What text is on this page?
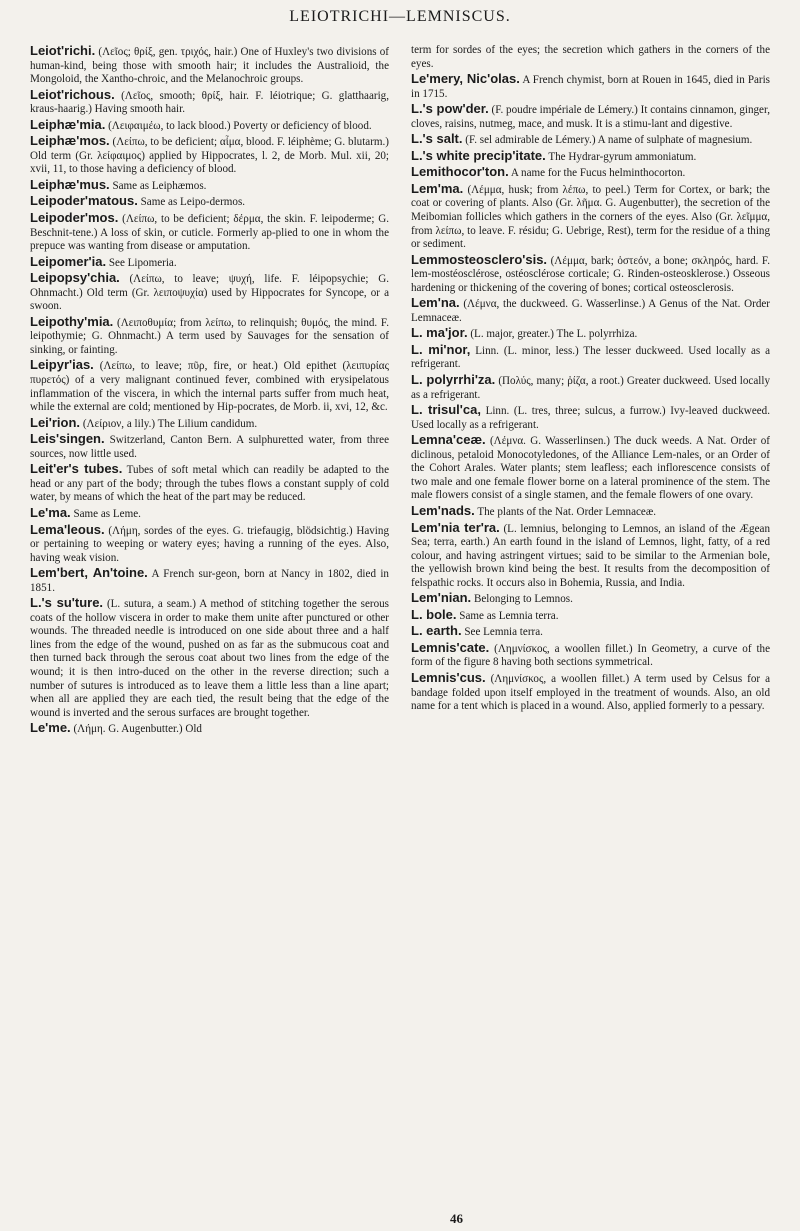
LEIOTRICHI—LEMNISCUS.

Leiot'richi. (Λεῖος; θρίξ, gen. τριχός, hair.) One of Huxley's two divisions of human-kind, being those with smooth hair; it includes the Australioid, the Mongoloid, the Xantho-chroic, and the Melanochroic groups.

Leiot'richous. (Λεῖος, smooth; θρίξ, hair. F. léiotrique; G. glatthaarig, kraus-haarig.) Having smooth hair.

Leiphæ'mia. (Λειφαιμέω, to lack blood.) Poverty or deficiency of blood.

Leiphæ'mos. (Λείπω, to be deficient; αἷμα, blood. F. léiphème; G. blutarm.) Old term (Gr. λείφαιμος) applied by Hippocrates, l. 2, de Morb. Mul. xii, 20; xvii, 11, to those having a deficiency of blood.

Leiphæ'mus. Same as Leiphæmos.

Leipoder'matous. Same as Leipo-dermos.

Leipoder'mos. (Λείπω, to be deficient; δέρμα, the skin. F. leipoderme; G. Beschnit-tene.) A loss of skin, or cuticle. Formerly ap-plied to one in whom the prepuce was wanting from disease or amputation.

Leipomer'ia. See Lipomeria.

Leipopsy'chia. (Λείπω, to leave; ψυχή, life. F. léipopsychie; G. Ohnmacht.) Old term (Gr. λειποψυχία) used by Hippocrates for Syncope, or a swoon.

Leipothy'mia. (Λειποθυμία; from λείπω, to relinquish; θυμός, the mind. F. leipothymie; G. Ohnmacht.) A term used by Sauvages for the sensation of sinking, or fainting.

Leipyr'ias. (Λείπω, to leave; πῦρ, fire, or heat.) Old epithet (λειπυρίας πυρετός) of a very malignant continued fever, combined with erysipelatous inflammation of the viscera, in which the internal parts suffer from much heat, while the external are cold; mentioned by Hip-pocrates, de Morb. ii, xvi, 12, &c.

Lei'rion. (Λείριον, a lily.) The Lilium candidum.

Leis'singen. Switzerland, Canton Bern. A sulphuretted water, from three sources, now little used.

Leit'er's tubes. Tubes of soft metal which can readily be adapted to the head or any part of the body; through the tubes flows a constant supply of cold water, by means of which the heat of the part may be reduced.

Le'ma. Same as Leme.

Lema'leous. (Λήμη, sordes of the eyes. G. triefaugig, blödsichtig.) Having or pertaining to weeping or watery eyes; having a running of the eyes. Also, having weak vision.

Lem'bert, An'toine. A French sur-geon, born at Nancy in 1802, died in 1851.

L.'s su'ture. (L. sutura, a seam.) A method of stitching together the serous coats of the hollow viscera in order to make them unite after punctured or other wounds. The threaded needle is introduced on one side about three and a half lines from the edge of the wound, pushed on as far as the submucous coat and then turned back through the serous coat about two lines from the edge of the wound; it is then intro-duced on the other in the reverse direction; such a number of sutures is introduced as to leave them a little less than a line apart; when all are applied they are each tied, the result being that the edge of the wound is inverted and the serous surfaces are brought together.

Le'me. (Λήμη. G. Augenbutter.) Old

term for sordes of the eyes; the secretion which gathers in the corners of the eyes.

Le'mery, Nic'olas. A French chymist, born at Rouen in 1645, died in Paris in 1715.

L.'s pow'der. (F. poudre impériale de Lémery.) It contains cinnamon, ginger, cloves, raisins, nutmeg, mace, and musk. It is a stimu-lant and digestive.

L.'s salt. (F. sel admirable de Lémery.) A name of sulphate of magnesium.

L.'s white precip'itate. The Hydrar-gyrum ammoniatum.

Lemithocor'ton. A name for the Fucus helminthocorton.

Lem'ma. (Λέμμα, husk; from λέπω, to peel.) Term for Cortex, or bark; the coat or covering of plants. Also (Gr. λῆμα. G. Augenbutter), the secretion of the Meibomian follicles which gathers in the corners of the eyes. Also (Gr. λεῖμμα, from λείπω, to leave. F. résidu; G. Uebrige, Rest), term for the residue of a thing or sediment.

Lemmosteosclero'sis. (Λέμμα, bark; ὀστεόν, a bone; σκληρός, hard. F. lem-mostéosclérose, ostéosclérose corticale; G. Rinden-osteosklerose.) Osseous hardening or thickening of the covering of bones; cortical osteosclerosis.

Lem'na. (Λέμνα, the duckweed. G. Wasserlinse.) A Genus of the Nat. Order Lemnaceæ.

L. ma'jor. (L. major, greater.) The L. polyrrhiza.

L. mi'nor, Linn. (L. minor, less.) The lesser duckweed. Used locally as a refrigerant.

L. polyrrhi'za. (Πολύς, many; ῥίζα, a root.) Greater duckweed. Used locally as a refrigerant.

L. trisul'ca, Linn. (L. tres, three; sulcus, a furrow.) Ivy-leaved duckweed. Used locally as a refrigerant.

Lemna'ceæ. (Λέμνα. G. Wasserlinsen.) The duck weeds. A Nat. Order of diclinous, petaloid Monocotyledones, of the Alliance Lem-nales, or an Order of the Cohort Arales. Water plants; stem leafless; each inflorescence consists of two male and one female flower borne on a lateral prominence of the stem. The male flowers consist of a single stamen, and the female flowers of one ovary.

Lem'nads. The plants of the Nat. Order Lemnaceæ.

Lem'nia ter'ra. (L. lemnius, belonging to Lemnos, an island of the Ægean Sea; terra, earth.) An earth found in the island of Lemnos, light, fatty, of a red colour, and having astringent virtues; said to be similar to the Armenian bole, the yellowish brown kind being the best. It results from the decomposition of felspathic rocks. It occurs also in Bohemia, Russia, and India.

Lem'nian. Belonging to Lemnos.

L. bole. Same as Lemnia terra.

L. earth. See Lemnia terra.

Lemnis'cate. (Λημνίσκος, a woollen fillet.) In Geometry, a curve of the form of the figure 8 having both sections symmetrical.

Lemnis'cus. (Λημνίσκος, a woollen fillet.) A term used by Celsus for a bandage folded upon itself employed in the treatment of wounds. Also, an old name for a tent which is placed in a wound. Also, applied formerly to a pessary.

46
